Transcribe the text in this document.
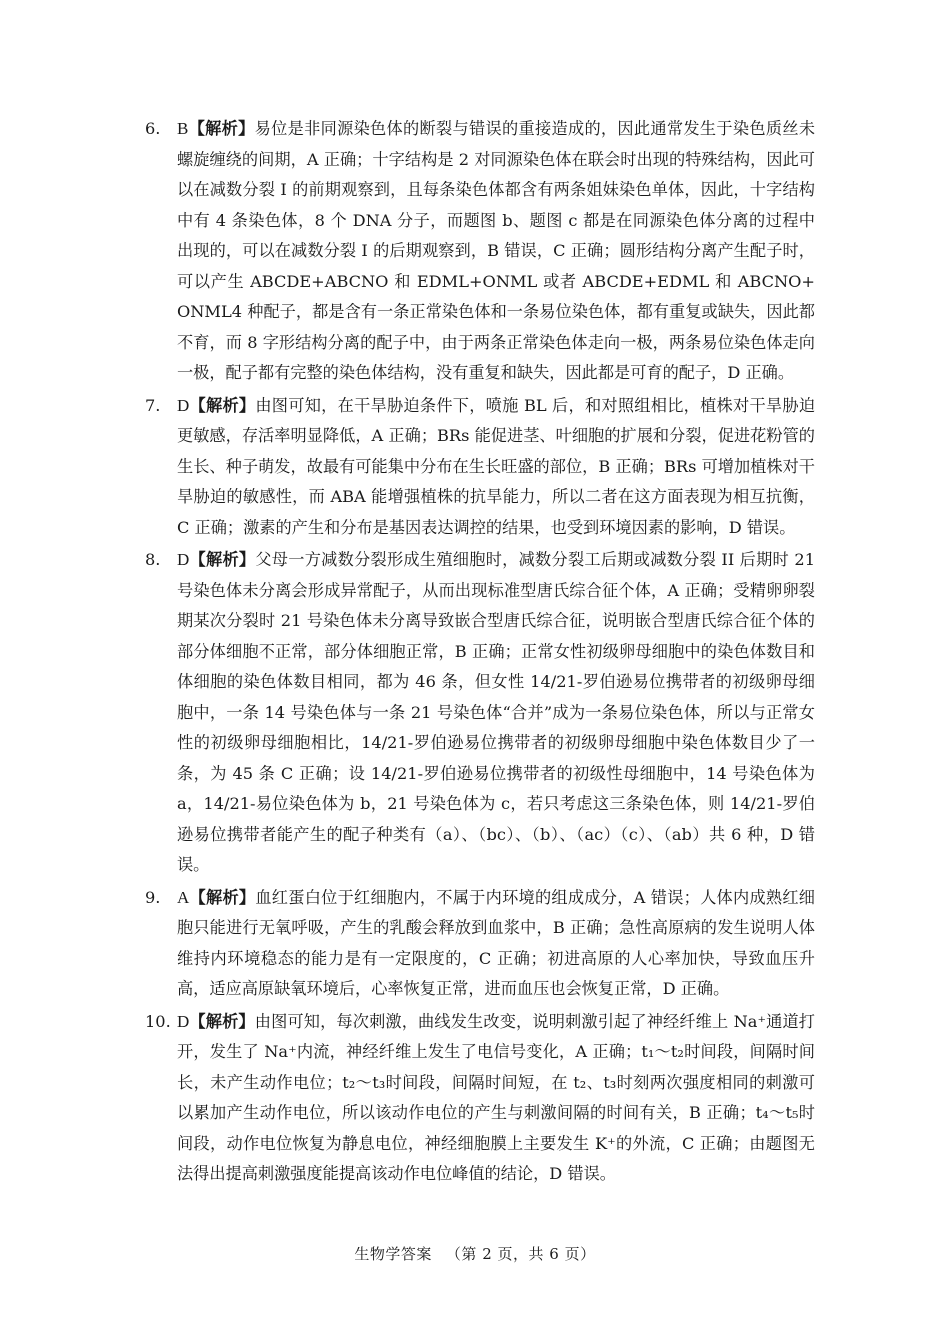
6. B【解析】易位是非同源染色体的断裂与错误的重接造成的，因此通常发生于染色质丝未螺旋缠绕的间期，A 正确；十字结构是 2 对同源染色体在联会时出现的特殊结构，因此可以在减数分裂 I 的前期观察到，且每条染色体都含有两条姐妹染色单体，因此，十字结构中有 4 条染色体，8 个 DNA 分子，而题图 b、题图 c 都是在同源染色体分离的过程中出现的，可以在减数分裂 I 的后期观察到，B 错误，C 正确；圆形结构分离产生配子时，可以产生 ABCDE+ABCNO 和 EDML+ONML 或者 ABCDE+EDML 和 ABCNO+ONML4 种配子，都是含有一条正常染色体和一条易位染色体，都有重复或缺失，因此都不育，而 8 字形结构分离的配子中，由于两条正常染色体走向一极，两条易位染色体走向一极，配子都有完整的染色体结构，没有重复和缺失，因此都是可育的配子，D 正确。
7. D【解析】由图可知，在干旱胁迫条件下，喷施 BL 后，和对照组相比，植株对干旱胁迫更敏感，存活率明显降低，A 正确；BRs 能促进茎、叶细胞的扩展和分裂，促进花粉管的生长、种子萌发，故最有可能集中分布在生长旺盛的部位，B 正确；BRs 可增加植株对干旱胁迫的敏感性，而 ABA 能增强植株的抗旱能力，所以二者在这方面表现为相互抗衡，C 正确；激素的产生和分布是基因表达调控的结果，也受到环境因素的影响，D 错误。
8. D【解析】父母一方减数分裂形成生殖细胞时，减数分裂工后期或减数分裂 II 后期时 21 号染色体未分离会形成异常配子，从而出现标准型唐氏综合征个体，A 正确；受精卵卵裂期某次分裂时 21 号染色体未分离导致嵌合型唐氏综合征，说明嵌合型唐氏综合征个体的部分体细胞不正常，部分体细胞正常，B 正确；正常女性初级卵母细胞中的染色体数目和体细胞的染色体数目相同，都为 46 条，但女性 14/21-罗伯逊易位携带者的初级卵母细胞中，一条 14 号染色体与一条 21 号染色体“合并”成为一条易位染色体，所以与正常女性的初级卵母细胞相比，14/21-罗伯逊易位携带者的初级卵母细胞中染色体数目少了一条，为 45 条 C 正确；设 14/21-罗伯逊易位携带者的初级性母细胞中，14 号染色体为 a，14/21-易位染色体为 b，21 号染色体为 c，若只考虑这三条染色体，则 14/21-罗伯逊易位携带者能产生的配子种类有（a）、（bc）、（b）、（ac）（c）、（ab）共 6 种，D 错误。
9. A【解析】血红蛋白位于红细胞内，不属于内环境的组成成分，A 错误；人体内成熟红细胞只能进行无氧呼吸，产生的乳酸会释放到血浆中，B 正确；急性高原病的发生说明人体维持内环境稳态的能力是有一定限度的，C 正确；初进高原的人心率加快，导致血压升高，适应高原缺氧环境后，心率恢复正常，进而血压也会恢复正常，D 正确。
10. D【解析】由图可知，每次刺激，曲线发生改变，说明刺激引起了神经纤维上 Na⁺通道打开，发生了 Na⁺内流，神经纤维上发生了电信号变化，A 正确；t₁～t₂时间段，间隔时间长，未产生动作电位；t₂～t₃时间段，间隔时间短，在 t₂、t₃时刻两次强度相同的刺激可以累加产生动作电位，所以该动作电位的产生与刺激间隔的时间有关，B 正确；t₄～t₅时间段，动作电位恢复为静息电位，神经细胞膜上主要发生 K⁺的外流，C 正确；由题图无法得出提高刺激强度能提高该动作电位峰值的结论，D 错误。
生物学答案 （第 2 页，共 6 页）
